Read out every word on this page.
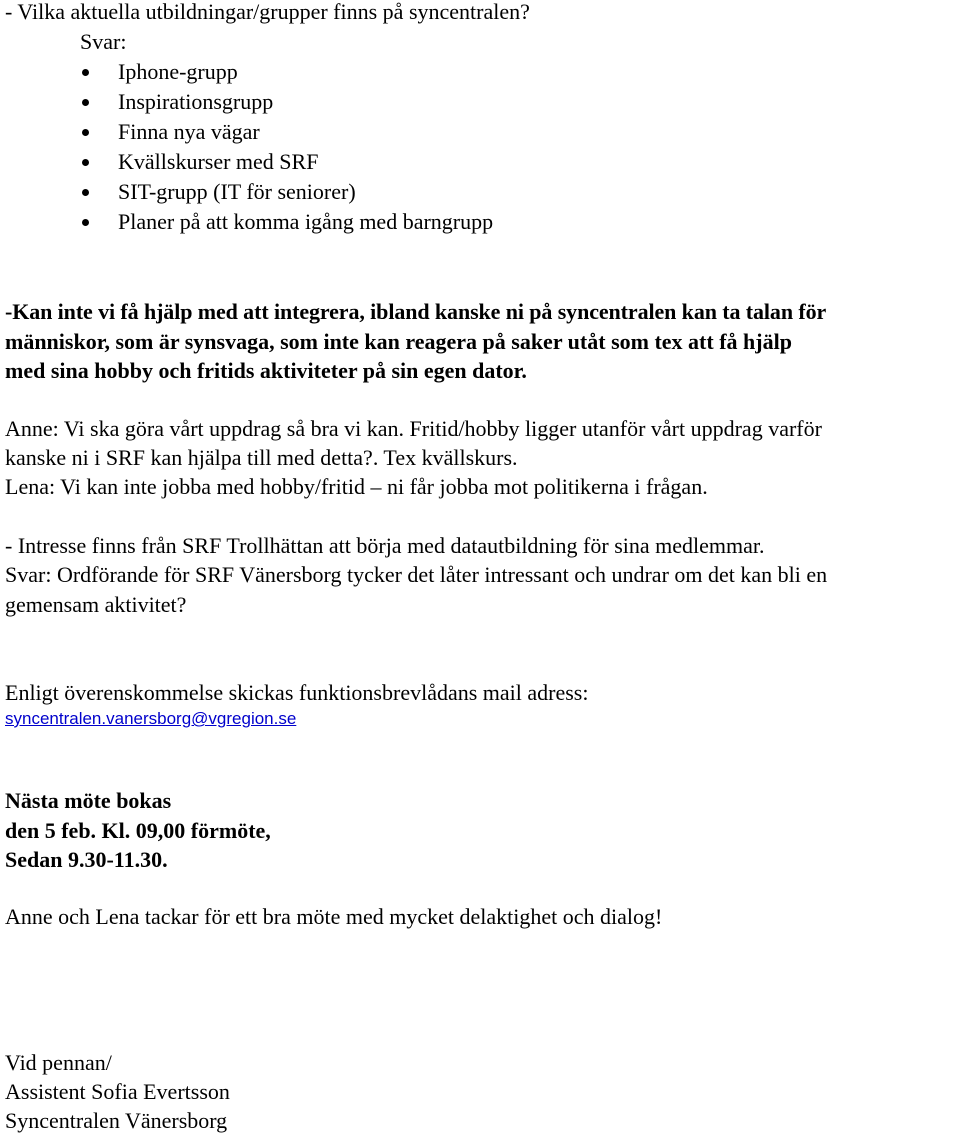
- Vilka aktuella utbildningar/grupper finns på syncentralen?
Svar:
Iphone-grupp
Inspirationsgrupp
Finna nya vägar
Kvällskurser med SRF
SIT-grupp (IT för seniorer)
Planer på att komma igång med barngrupp
-Kan inte vi få hjälp med att integrera, ibland kanske ni på syncentralen kan ta talan för
människor, som är synsvaga, som inte kan reagera på saker utåt som tex att få hjälp
med sina hobby och fritids aktiviteter på sin egen dator.
Anne: Vi ska göra vårt uppdrag så bra vi kan. Fritid/hobby ligger utanför vårt uppdrag varför
kanske ni i SRF kan hjälpa till med detta?. Tex kvällskurs.
Lena: Vi kan inte jobba med hobby/fritid – ni får jobba mot politikerna i frågan.
- Intresse finns från SRF Trollhättan att börja med datautbildning för sina medlemmar.
Svar: Ordförande för SRF Vänersborg tycker det låter intressant och undrar om det kan bli en
gemensam aktivitet?
Enligt överenskommelse skickas funktionsbrevlådans mail adress:
syncentralen.vanersborg@vgregion.se
Nästa möte bokas
den 5 feb. Kl. 09,00 förmöte,
Sedan 9.30-11.30.
Anne och Lena tackar för ett bra möte med mycket delaktighet och dialog!
Vid pennan/
Assistent Sofia Evertsson
Syncentralen Vänersborg
